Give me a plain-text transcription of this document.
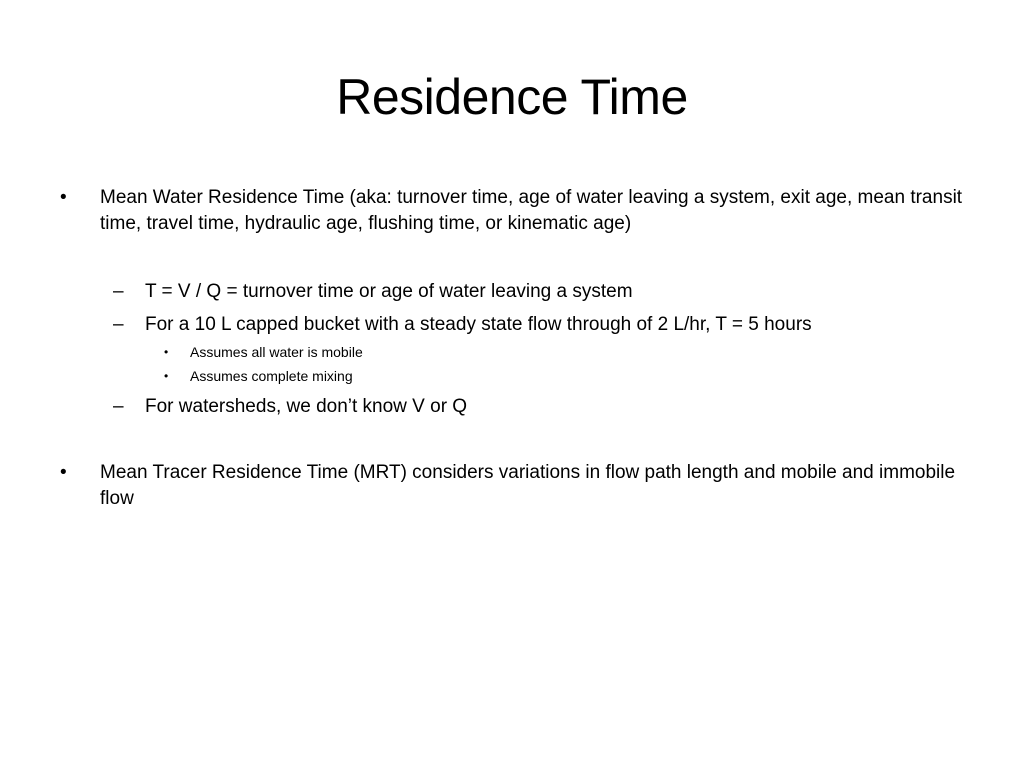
Residence Time
• Mean Water Residence Time (aka: turnover time, age of water leaving a system, exit age, mean transit time, travel time, hydraulic age, flushing time, or kinematic age)
– T = V / Q = turnover time or age of water leaving a system
– For a 10 L capped bucket with a steady state flow through of 2 L/hr, T = 5 hours
• Assumes all water is mobile
• Assumes complete mixing
– For watersheds, we don’t know V or Q
• Mean Tracer Residence Time (MRT) considers variations in flow path length and mobile and immobile flow
